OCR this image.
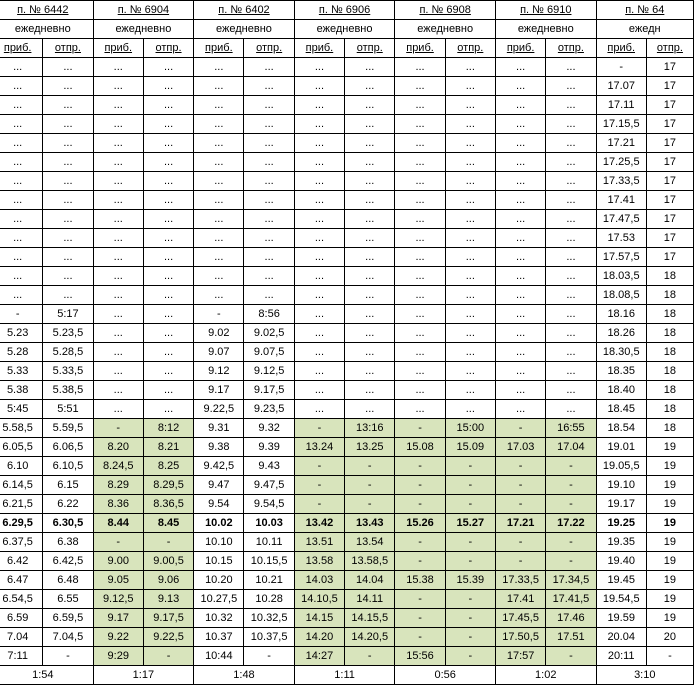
п. № 6442		п. № 6904		п. № 6402		п. № 6906		п. № 6908		п. № 6910		п. № 64	
ежедневно		ежедневно		ежедневно		ежедневно		ежедневно		ежедневно		ежедн	
приб.	отпр.	приб.	отпр.	приб.	отпр.	приб.	отпр.	приб.	отпр.	приб.	отпр.	приб.	отпр.
...	...	...	...	...	...	...	...	...	...	...	...	-	17
...	...	...	...	...	...	...	...	...	...	...	...	17.07	17
...	...	...	...	...	...	...	...	...	...	...	...	17.11	17
...	...	...	...	...	...	...	...	...	...	...	...	17.15,5	17
...	...	...	...	...	...	...	...	...	...	...	...	17.21	17
...	...	...	...	...	...	...	...	...	...	...	...	17.25,5	17
...	...	...	...	...	...	...	...	...	...	...	...	17.33,5	17
...	...	...	...	...	...	...	...	...	...	...	...	17.41	17
...	...	...	...	...	...	...	...	...	...	...	...	17.47,5	17
...	...	...	...	...	...	...	...	...	...	...	...	17.53	17
...	...	...	...	...	...	...	...	...	...	...	...	17.57,5	17
...	...	...	...	...	...	...	...	...	...	...	...	18.03,5	18
...	...	...	...	...	...	...	...	...	...	...	...	18.08,5	18
-	5:17	...	...	-	8:56	...	...	...	...	...	...	18.16	18
5.23	5.23,5	...	...	9.02	9.02,5	...	...	...	...	...	...	18.26	18
5.28	5.28,5	...	...	9.07	9.07,5	...	...	...	...	...	...	18.30,5	18
5.33	5.33,5	...	...	9.12	9.12,5	...	...	...	...	...	...	18.35	18
5.38	5.38,5	...	...	9.17	9.17,5	...	...	...	...	...	...	18.40	18
5:45	5:51	...	...	9.22,5	9.23,5	...	...	...	...	...	...	18.45	18
5.58,5	5.59,5	-	8:12	9.31	9.32	-	13:16	-	15:00	-	16:55	18.54	18
6.05,5	6.06,5	8.20	8.21	9.38	9.39	13.24	13.25	15.08	15.09	17.03	17.04	19.01	19
6.10	6.10,5	8.24,5	8.25	9.42,5	9.43	-	-	-	-	-	-	19.05,5	19
6.14,5	6.15	8.29	8.29,5	9.47	9.47,5	-	-	-	-	-	-	19.10	19
6.21,5	6.22	8.36	8.36,5	9.54	9.54,5	-	-	-	-	-	-	19.17	19
6.29,5	6.30,5	8.44	8.45	10.02	10.03	13.42	13.43	15.26	15.27	17.21	17.22	19.25	19
6.37,5	6.38	-	-	10.10	10.11	13.51	13.54	-	-	-	-	19.35	19
6.42	6.42,5	9.00	9.00,5	10.15	10.15,5	13.58	13.58,5	-	-	-	-	19.40	19
6.47	6.48	9.05	9.06	10.20	10.21	14.03	14.04	15.38	15.39	17.33,5	17.34,5	19.45	19
6.54,5	6.55	9.12,5	9.13	10.27,5	10.28	14.10,5	14.11	-	-	17.41	17.41,5	19.54,5	19
6.59	6.59,5	9.17	9.17,5	10.32	10.32,5	14.15	14.15,5	-	-	17.45,5	17.46	19.59	19
7.04	7.04,5	9.22	9.22,5	10.37	10.37,5	14.20	14.20,5	-	-	17.50,5	17.51	20.04	20
7:11	-	9:29	-	10:44	-	14:27	-	15:56	-	17:57	-	20:11	-
1:54		1:17		1:48		1:11		0:56		1:02		3:10	
